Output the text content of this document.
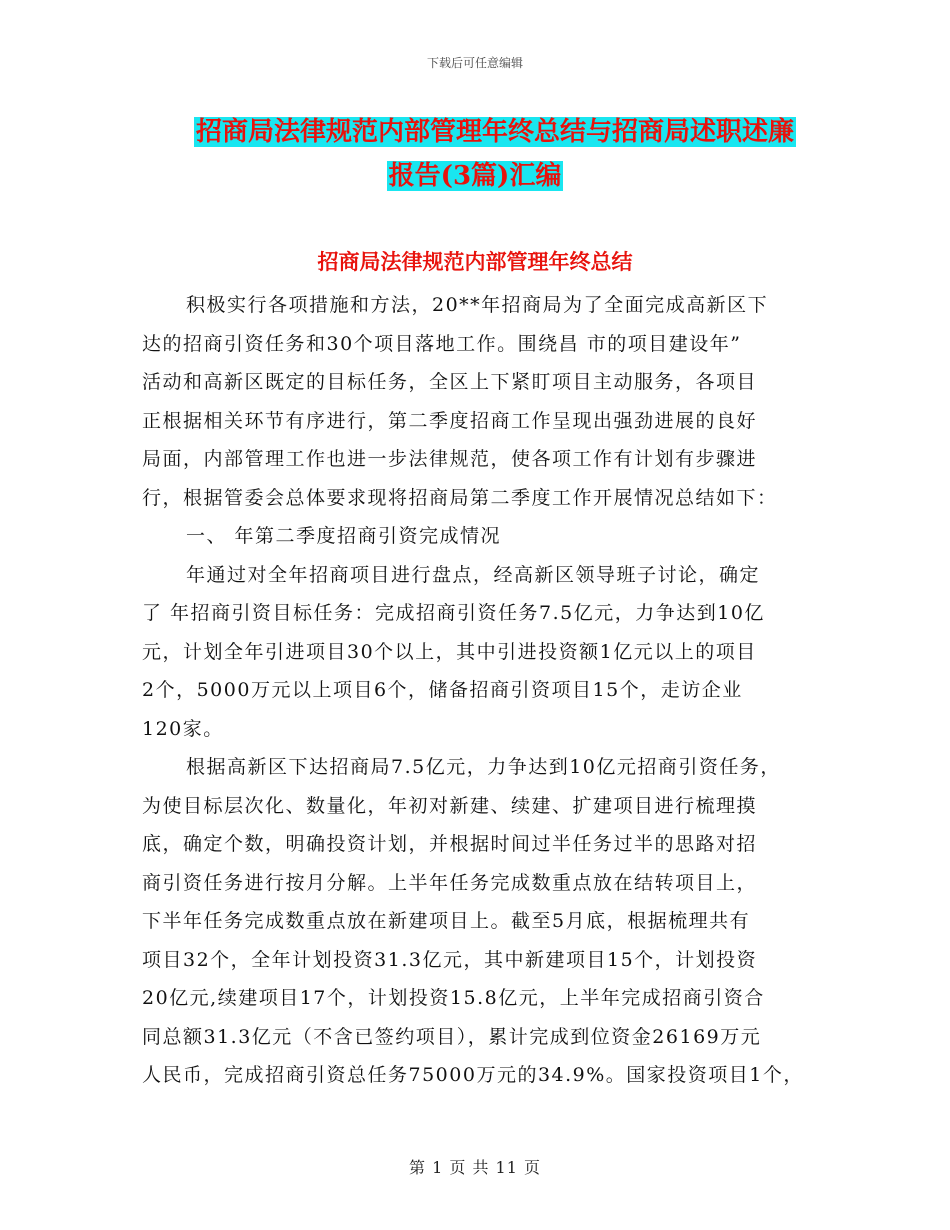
下载后可任意编辑
招商局法律规范内部管理年终总结与招商局述职述廉
报告(3篇)汇编
招商局法律规范内部管理年终总结
积极实行各项措施和方法，20**年招商局为了全面完成高新区下
达的招商引资任务和30个项目落地工作。围绕昌 市的项目建设年”
活动和高新区既定的目标任务，全区上下紧盯项目主动服务，各项目
正根据相关环节有序进行，第二季度招商工作呈现出强劲进展的良好
局面，内部管理工作也进一步法律规范，使各项工作有计划有步骤进
行，根据管委会总体要求现将招商局第二季度工作开展情况总结如下：
一、 年第二季度招商引资完成情况
年通过对全年招商项目进行盘点，经高新区领导班子讨论，确定
了 年招商引资目标任务：完成招商引资任务7.5亿元，力争达到10亿
元，计划全年引进项目30个以上，其中引进投资额1亿元以上的项目
2个，5000万元以上项目6个，储备招商引资项目15个，走访企业
120家。
根据高新区下达招商局7.5亿元，力争达到10亿元招商引资任务，
为使目标层次化、数量化，年初对新建、续建、扩建项目进行梳理摸
底，确定个数，明确投资计划，并根据时间过半任务过半的思路对招
商引资任务进行按月分解。上半年任务完成数重点放在结转项目上，
下半年任务完成数重点放在新建项目上。截至5月底，根据梳理共有
项目32个，全年计划投资31.3亿元，其中新建项目15个，计划投资
20亿元,续建项目17个，计划投资15.8亿元，上半年完成招商引资合
同总额31.3亿元（不含已签约项目），累计完成到位资金26169万元
人民币，完成招商引资总任务75000万元的34.9%。国家投资项目1个，
第 1 页 共 11 页
